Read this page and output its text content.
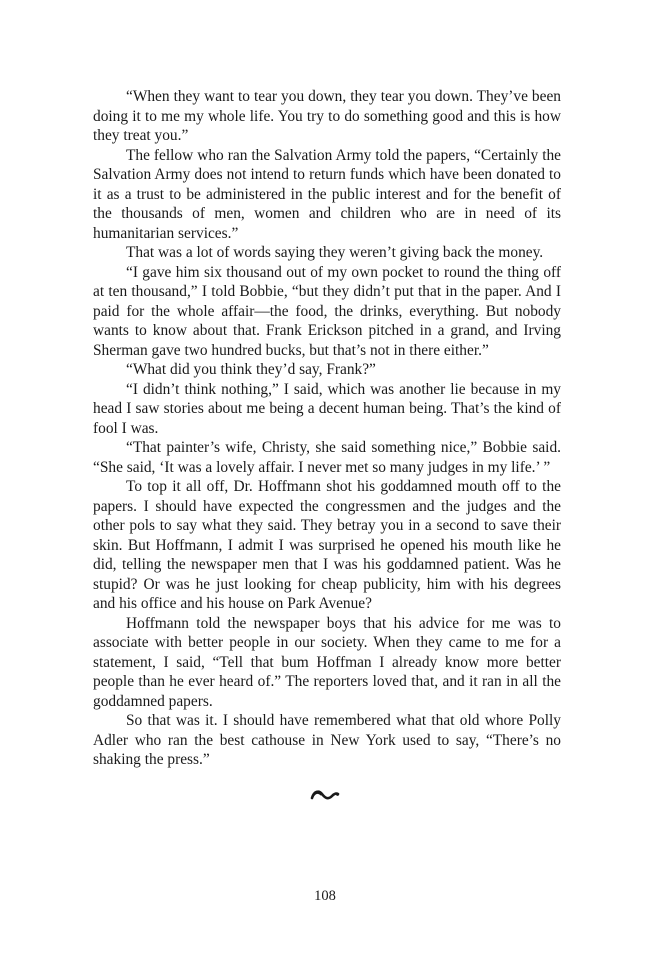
“When they want to tear you down, they tear you down. They’ve been doing it to me my whole life. You try to do something good and this is how they treat you.”

The fellow who ran the Salvation Army told the papers, “Certainly the Salvation Army does not intend to return funds which have been donated to it as a trust to be administered in the public interest and for the benefit of the thousands of men, women and children who are in need of its humanitarian services.”

That was a lot of words saying they weren’t giving back the money.

“I gave him six thousand out of my own pocket to round the thing off at ten thousand,” I told Bobbie, “but they didn’t put that in the paper. And I paid for the whole affair—the food, the drinks, everything. But nobody wants to know about that. Frank Erickson pitched in a grand, and Irving Sherman gave two hundred bucks, but that’s not in there either.”

“What did you think they’d say, Frank?”

“I didn’t think nothing,” I said, which was another lie because in my head I saw stories about me being a decent human being. That’s the kind of fool I was.

“That painter’s wife, Christy, she said something nice,” Bobbie said. “She said, ‘It was a lovely affair. I never met so many judges in my life.’ ”

To top it all off, Dr. Hoffmann shot his goddamned mouth off to the papers. I should have expected the congressmen and the judges and the other pols to say what they said. They betray you in a second to save their skin. But Hoffmann, I admit I was surprised he opened his mouth like he did, telling the newspaper men that I was his goddamned patient. Was he stupid? Or was he just looking for cheap publicity, him with his degrees and his office and his house on Park Avenue?

Hoffmann told the newspaper boys that his advice for me was to associate with better people in our society. When they came to me for a statement, I said, “Tell that bum Hoffman I already know more better people than he ever heard of.” The reporters loved that, and it ran in all the goddamned papers.

So that was it. I should have remembered what that old whore Polly Adler who ran the best cathouse in New York used to say, “There’s no shaking the press.”

108
